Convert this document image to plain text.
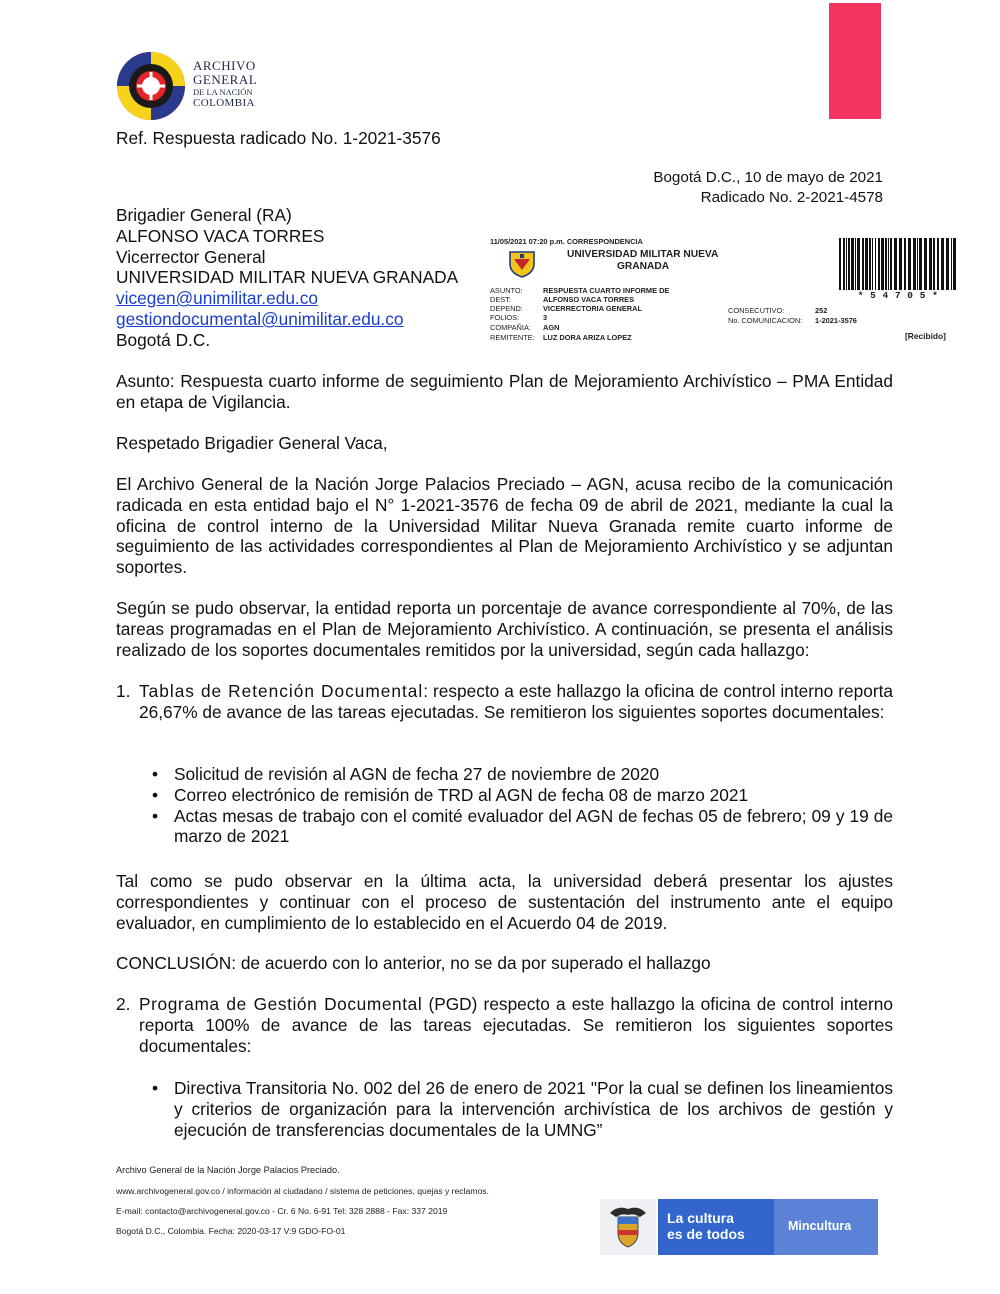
ARCHIVO
GENERAL
DE LA NACIÓN
COLOMBIA
Ref. Respuesta radicado No. 1-2021-3576
Bogotá D.C., 10 de mayo de 2021
Radicado No. 2-2021-4578
Brigadier General (RA)
ALFONSO VACA TORRES
Vicerrector General
UNIVERSIDAD MILITAR NUEVA GRANADA
vicegen@unimilitar.edu.co
gestiondocumental@unimilitar.edu.co
Bogotá D.C.
11/05/2021 07:20 p.m. CORRESPONDENCIA
UNIVERSIDAD MILITAR NUEVA
GRANADA
ASUNTO:	RESPUESTA CUARTO INFORME DE
DEST:	ALFONSO VACA TORRES
DEPEND:	VICERRECTORIA GENERAL
FOLIOS:	3
COMPAÑIA: AGN
REMITENTE: LUZ DORA ARIZA LOPEZ
CONSECUTIVO:	252
No. COMUNICACION: 1-2021-3576
* 5 4 7 0 5 *
[Recibido]
Asunto: Respuesta cuarto informe de seguimiento Plan de Mejoramiento Archivístico – PMA Entidad en etapa de Vigilancia.
Respetado Brigadier General Vaca,
El Archivo General de la Nación Jorge Palacios Preciado – AGN, acusa recibo de la comunicación radicada en esta entidad bajo el N° 1-2021-3576 de fecha 09 de abril de 2021, mediante la cual la oficina de control interno de la Universidad Militar Nueva Granada remite cuarto informe de seguimiento de las actividades correspondientes al Plan de Mejoramiento Archivístico y se adjuntan soportes.
Según se pudo observar, la entidad reporta un porcentaje de avance correspondiente al 70%, de las tareas programadas en el Plan de Mejoramiento Archivístico. A continuación, se presenta el análisis realizado de los soportes documentales remitidos por la universidad, según cada hallazgo:
1. Tablas de Retención Documental: respecto a este hallazgo la oficina de control interno reporta 26,67% de avance de las tareas ejecutadas. Se remitieron los siguientes soportes documentales:
• Solicitud de revisión al AGN de fecha 27 de noviembre de 2020
• Correo electrónico de remisión de TRD al AGN de fecha 08 de marzo 2021
• Actas mesas de trabajo con el comité evaluador del AGN de fechas 05 de febrero; 09 y 19 de marzo de 2021
Tal como se pudo observar en la última acta, la universidad deberá presentar los ajustes correspondientes y continuar con el proceso de sustentación del instrumento ante el equipo evaluador, en cumplimiento de lo establecido en el Acuerdo 04 de 2019.
CONCLUSIÓN: de acuerdo con lo anterior, no se da por superado el hallazgo
2. Programa de Gestión Documental (PGD) respecto a este hallazgo la oficina de control interno reporta 100% de avance de las tareas ejecutadas. Se remitieron los siguientes soportes documentales:
• Directiva Transitoria No. 002 del 26 de enero de 2021 "Por la cual se definen los lineamientos y criterios de organización para la intervención archivística de los archivos de gestión y ejecución de transferencias documentales de la UMNG”
Archivo General de la Nación Jorge Palacios Preciado.
www.archivogeneral.gov.co / información al ciudadano / sistema de peticiones, quejas y reclamos.
E-mail: contacto@archivogeneral.gov.co - Cr. 6 No. 6-91 Tel: 328 2888 - Fax: 337 2019
Bogotá D.C., Colombia. Fecha: 2020-03-17 V:9 GDO-FO-01
La cultura
es de todos	Mincultura
